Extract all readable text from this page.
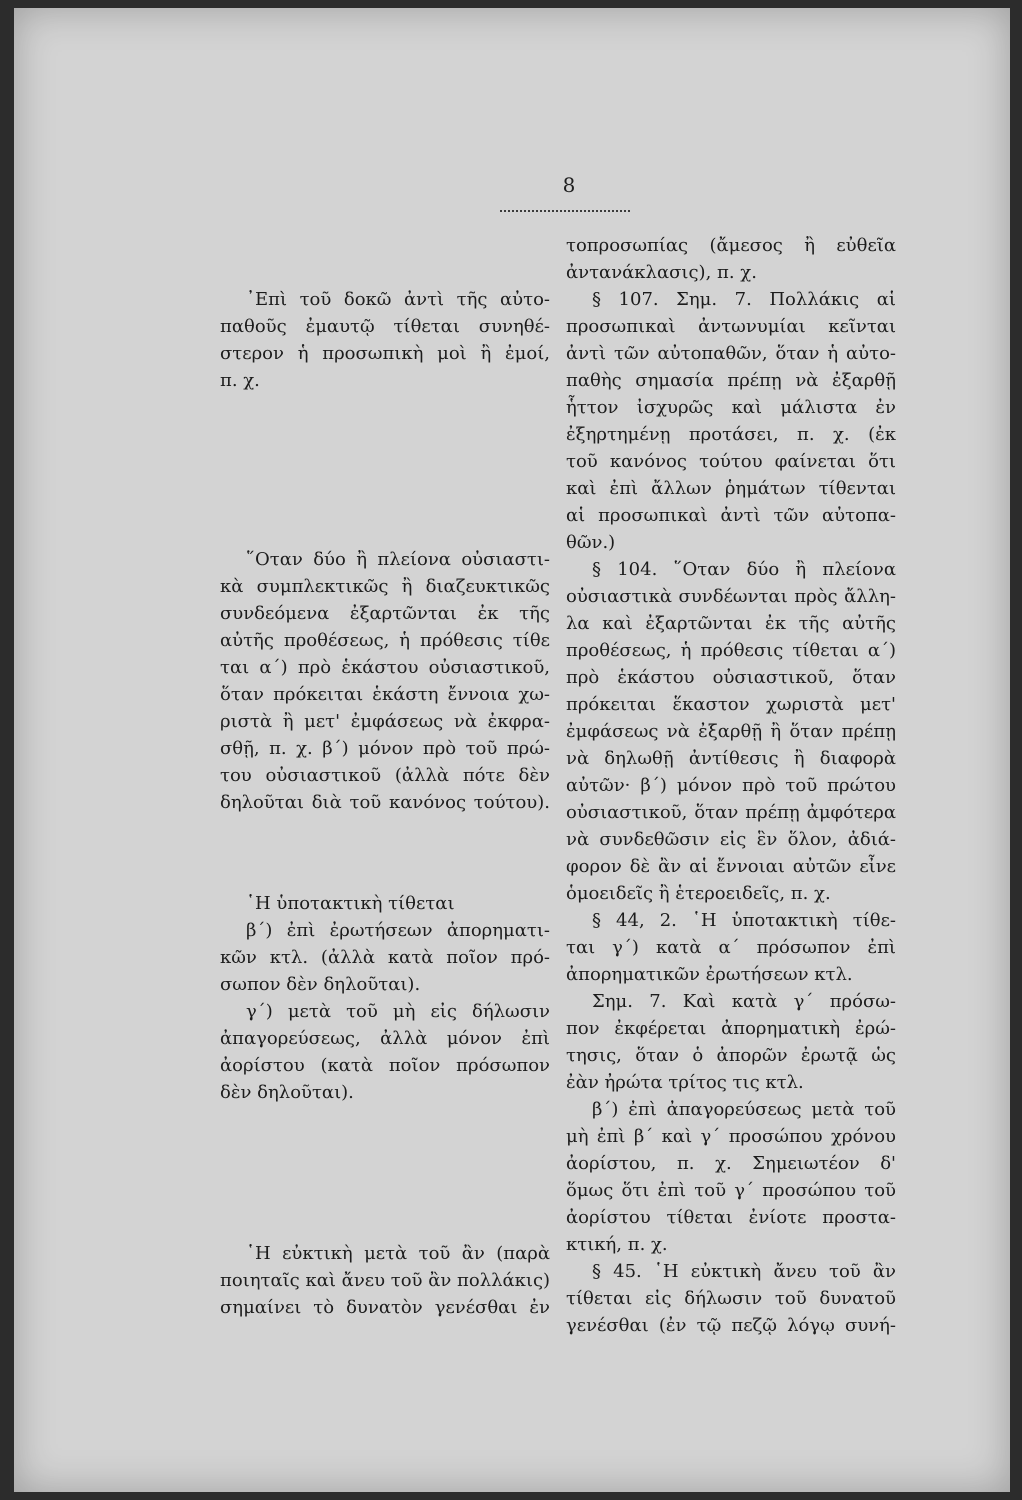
8
᾿Επὶ τοῦ δοκῶ ἀντὶ τῆς αὐτο-
παθοῦς ἐμαυτῷ τίθεται συνηθέ-
στερον ἡ προσωπικὴ μοὶ ἢ ἐμοί,
π. χ.
῞Οταν δύο ἢ πλείονα οὐσιαστι-
κὰ συμπλεκτικῶς ἢ διαζευκτικῶς
συνδεόμενα ἐξαρτῶνται ἐκ τῆς
αὐτῆς προθέσεως, ἡ πρόθεσις τίθε
ται α΄) πρὸ ἑκάστου οὐσιαστικοῦ,
ὅταν πρόκειται ἑκάστη ἔννοια χω-
ριστὰ ἢ μετ' ἐμφάσεως νὰ ἐκφρα-
σθῇ, π. χ. β΄) μόνον πρὸ τοῦ πρώ-
του οὐσιαστικοῦ (ἀλλὰ πότε δὲν
δηλοῦται διὰ τοῦ κανόνος τούτου).
῾Η ὑποτακτικὴ τίθεται
β΄) ἐπὶ ἐρωτήσεων ἀπορηματι-
κῶν κτλ. (ἀλλὰ κατὰ ποῖον πρό-
σωπον δὲν δηλοῦται).
γ΄) μετὰ τοῦ μὴ εἰς δήλωσιν
ἀπαγορεύσεως, ἀλλὰ μόνον ἐπὶ
ἀορίστου (κατὰ ποῖον πρόσωπον
δὲν δηλοῦται).
῾Η εὐκτικὴ μετὰ τοῦ ἂν (παρὰ
ποιηταῖς καὶ ἄνευ τοῦ ἂν πολλάκις)
σημαίνει τὸ δυνατὸν γενέσθαι ἐν
τοπροσωπίας (ἄμεσος ἢ εὐθεῖα
ἀντανάκλασις), π. χ.
§ 107. Σημ. 7. Πολλάκις αἱ
προσωπικαὶ ἀντωνυμίαι κεῖνται
ἀντὶ τῶν αὐτοπαθῶν, ὅταν ἡ αὐτο-
παθὴς σημασία πρέπῃ νὰ ἐξαρθῇ
ἧττον ἰσχυρῶς καὶ μάλιστα ἐν
ἐξηρτημένῃ προτάσει, π. χ. (ἐκ
τοῦ κανόνος τούτου φαίνεται ὅτι
καὶ ἐπὶ ἄλλων ῥημάτων τίθενται
αἱ προσωπικαὶ ἀντὶ τῶν αὐτοπα-
θῶν.)
§ 104. ῞Οταν δύο ἢ πλείονα
οὐσιαστικὰ συνδέωνται πρὸς ἄλλη-
λα καὶ ἐξαρτῶνται ἐκ τῆς αὐτῆς
προθέσεως, ἡ πρόθεσις τίθεται α΄)
πρὸ ἑκάστου οὐσιαστικοῦ, ὅταν
πρόκειται ἕκαστον χωριστὰ μετ'
ἐμφάσεως νὰ ἐξαρθῇ ἢ ὅταν πρέπῃ
νὰ δηλωθῇ ἀντίθεσις ἢ διαφορὰ
αὐτῶν· β΄) μόνον πρὸ τοῦ πρώτου
οὐσιαστικοῦ, ὅταν πρέπῃ ἀμφότερα
νὰ συνδεθῶσιν εἰς ἓν ὅλον, ἀδιά-
φορον δὲ ἂν αἱ ἔννοιαι αὐτῶν εἶνε
ὁμοειδεῖς ἢ ἑτεροειδεῖς, π. χ.
§ 44, 2. ῾Η ὑποτακτικὴ τίθε-
ται γ΄) κατὰ α΄ πρόσωπον ἐπὶ
ἀπορηματικῶν ἐρωτήσεων κτλ.
Σημ. 7. Καὶ κατὰ γ΄ πρόσω-
πον ἐκφέρεται ἀπορηματικὴ ἐρώ-
τησις, ὅταν ὁ ἀπορῶν ἐρωτᾷ ὡς
ἐὰν ἠρώτα τρίτος τις κτλ.
β΄) ἐπὶ ἀπαγορεύσεως μετὰ τοῦ
μὴ ἐπὶ β΄ καὶ γ΄ προσώπου χρόνου
ἀορίστου, π. χ. Σημειωτέον δ'
ὅμως ὅτι ἐπὶ τοῦ γ΄ προσώπου τοῦ
ἀορίστου τίθεται ἐνίοτε προστα-
κτική, π. χ.
§ 45. ῾Η εὐκτικὴ ἄνευ τοῦ ἂν
τίθεται εἰς δήλωσιν τοῦ δυνατοῦ
γενέσθαι (ἐν τῷ πεζῷ λόγῳ συνή-
